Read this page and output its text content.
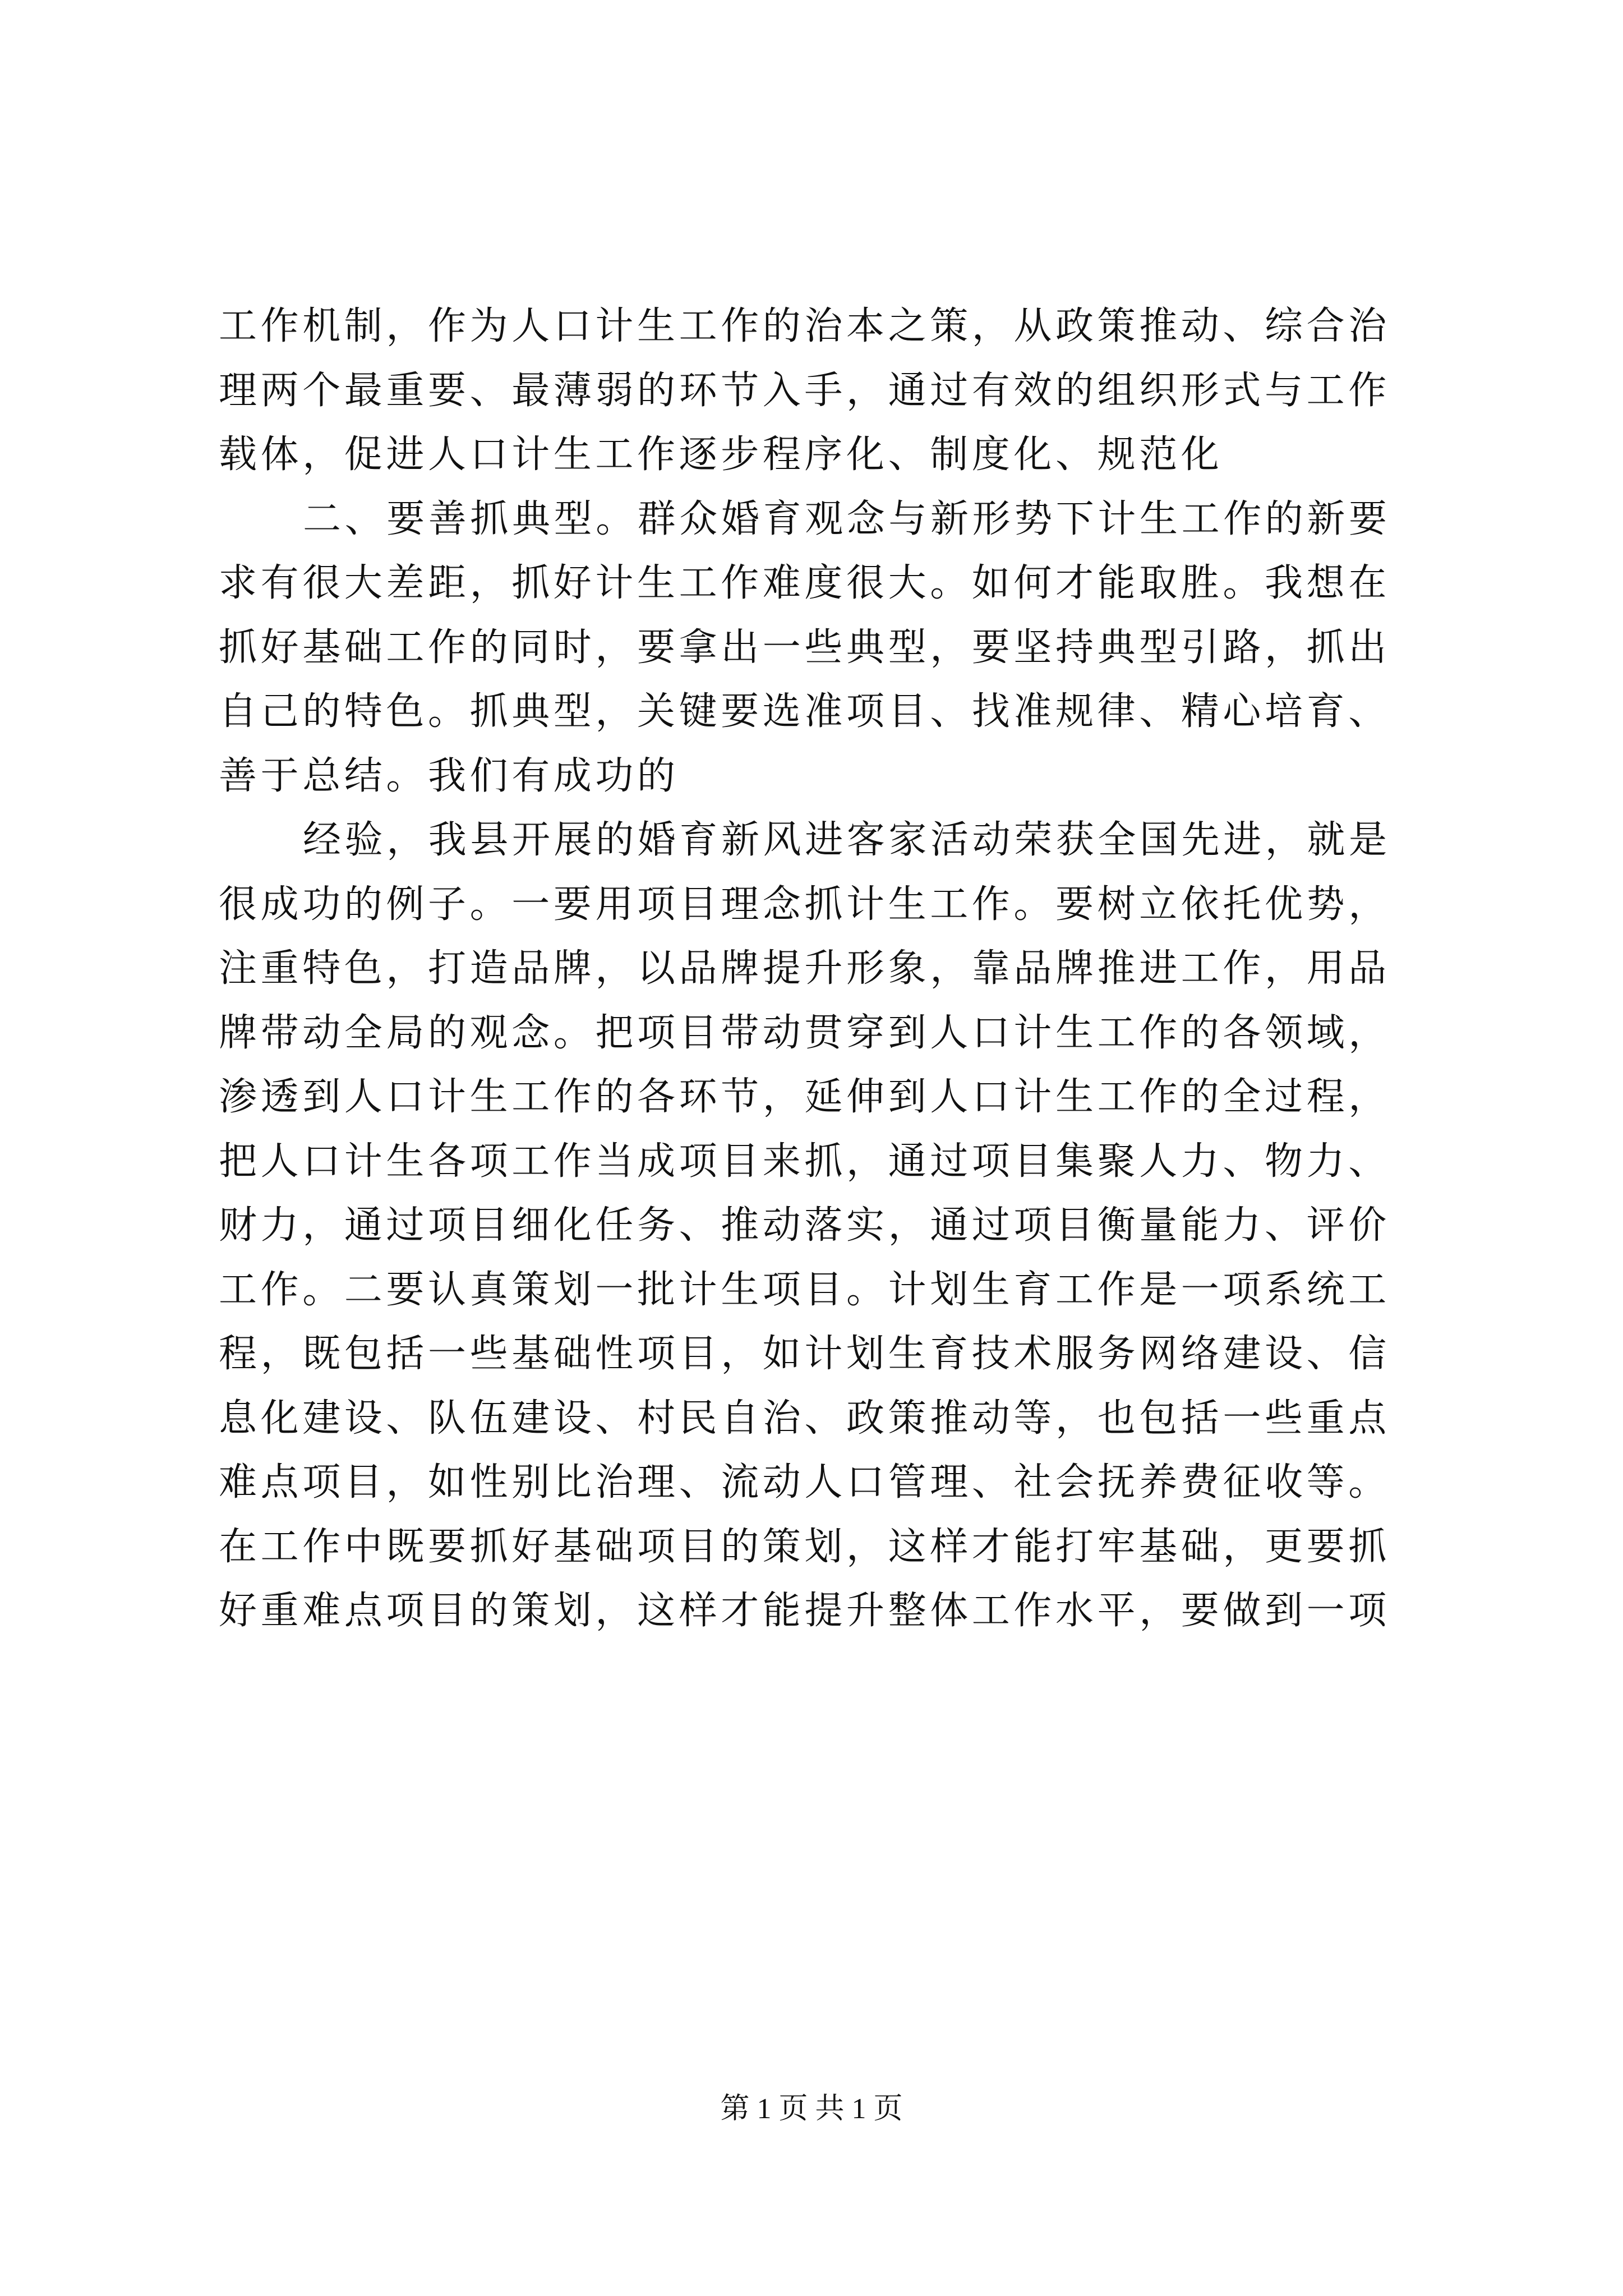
工作机制，作为人口计生工作的治本之策，从政策推动、综合治
理两个最重要、最薄弱的环节入手，通过有效的组织形式与工作
载体，促进人口计生工作逐步程序化、制度化、规范化
二、要善抓典型。群众婚育观念与新形势下计生工作的新要
求有很大差距，抓好计生工作难度很大。如何才能取胜。我想在
抓好基础工作的同时，要拿出一些典型，要坚持典型引路，抓出
自己的特色。抓典型，关键要选准项目、找准规律、精心培育、
善于总结。我们有成功的
经验，我县开展的婚育新风进客家活动荣获全国先进，就是
很成功的例子。一要用项目理念抓计生工作。要树立依托优势，
注重特色，打造品牌，以品牌提升形象，靠品牌推进工作，用品
牌带动全局的观念。把项目带动贯穿到人口计生工作的各领域，
渗透到人口计生工作的各环节，延伸到人口计生工作的全过程，
把人口计生各项工作当成项目来抓，通过项目集聚人力、物力、
财力，通过项目细化任务、推动落实，通过项目衡量能力、评价
工作。二要认真策划一批计生项目。计划生育工作是一项系统工
程，既包括一些基础性项目，如计划生育技术服务网络建设、信
息化建设、队伍建设、村民自治、政策推动等，也包括一些重点
难点项目，如性别比治理、流动人口管理、社会抚养费征收等。
在工作中既要抓好基础项目的策划，这样才能打牢基础，更要抓
好重难点项目的策划，这样才能提升整体工作水平，要做到一项
第 1 页 共 1 页
